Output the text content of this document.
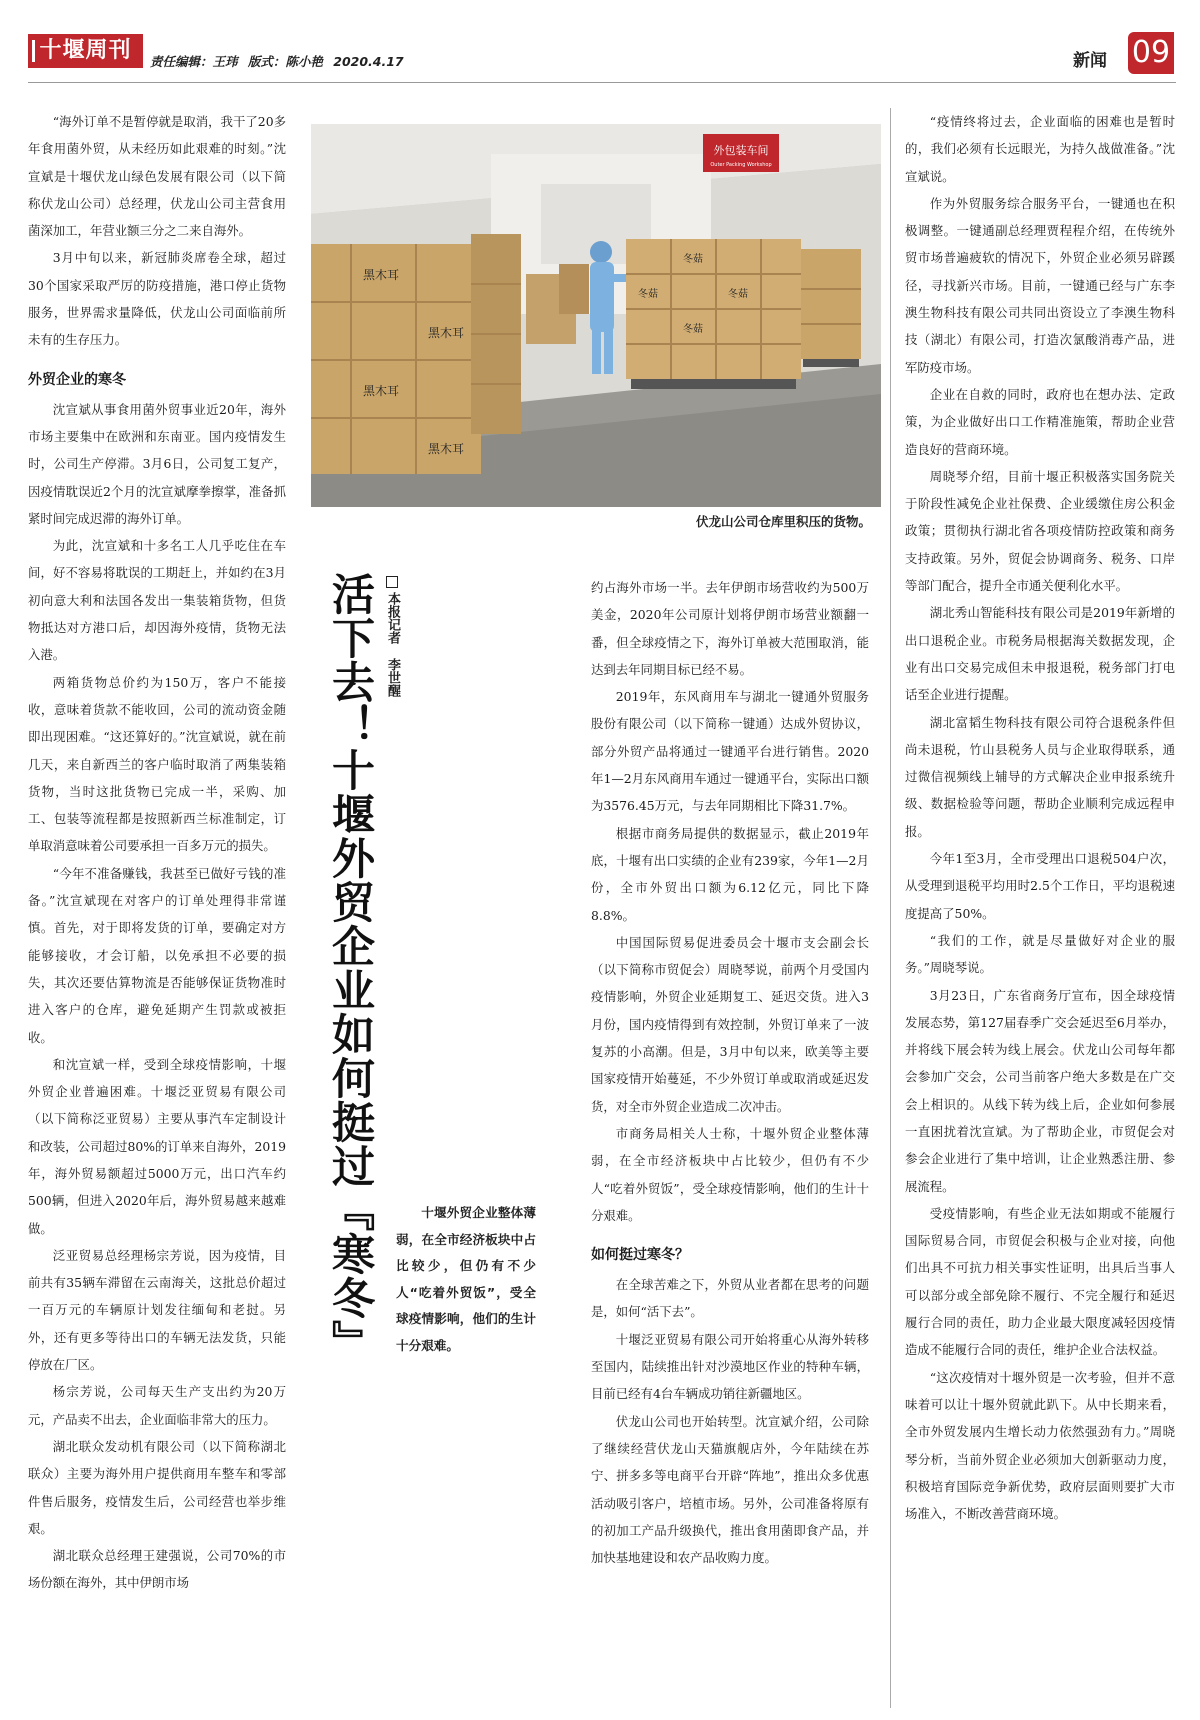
十堰周刊	责任编辑：王玮 版式：陈小艳 2020.4.17	新闻 09

“海外订单不是暂停就是取消，我干了20多年食用菌外贸，从未经历如此艰难的时刻。”沈宣斌是十堰伏龙山绿色发展有限公司（以下简称伏龙山公司）总经理，伏龙山公司主营食用菌深加工，年营业额三分之二来自海外。

3月中旬以来，新冠肺炎席卷全球，超过30个国家采取严厉的防疫措施，港口停止货物服务，世界需求量降低，伏龙山公司面临前所未有的生存压力。

外贸企业的寒冬

沈宣斌从事食用菌外贸事业近20年，海外市场主要集中在欧洲和东南亚。国内疫情发生时，公司生产停滞。3月6日，公司复工复产，因疫情耽误近2个月的沈宣斌摩拳擦掌，准备抓紧时间完成迟滞的海外订单。

为此，沈宣斌和十多名工人几乎吃住在车间，好不容易将耽误的工期赶上，并如约在3月初向意大利和法国各发出一集装箱货物，但货物抵达对方港口后，却因海外疫情，货物无法入港。

两箱货物总价约为150万，客户不能接收，意味着货款不能收回，公司的流动资金随即出现困难。“这还算好的。”沈宣斌说，就在前几天，来自新西兰的客户临时取消了两集装箱货物，当时这批货物已完成一半，采购、加工、包装等流程都是按照新西兰标准制定，订单取消意味着公司要承担一百多万元的损失。

“今年不准备赚钱，我甚至已做好亏钱的准备。”沈宣斌现在对客户的订单处理得非常谨慎。首先，对于即将发货的订单，要确定对方能够接收，才会订船，以免承担不必要的损失，其次还要估算物流是否能够保证货物准时进入客户的仓库，避免延期产生罚款或被拒收。

和沈宣斌一样，受到全球疫情影响，十堰外贸企业普遍困难。十堰泛亚贸易有限公司（以下简称泛亚贸易）主要从事汽车定制设计和改装，公司超过80%的订单来自海外，2019年，海外贸易额超过5000万元，出口汽车约500辆，但进入2020年后，海外贸易越来越难做。

泛亚贸易总经理杨宗芳说，因为疫情，目前共有35辆车滞留在云南海关，这批总价超过一百万元的车辆原计划发往缅甸和老挝。另外，还有更多等待出口的车辆无法发货，只能停放在厂区。

杨宗芳说，公司每天生产支出约为20万元，产品卖不出去，企业面临非常大的压力。

湖北联众发动机有限公司（以下简称湖北联众）主要为海外用户提供商用车整车和零部件售后服务，疫情发生后，公司经营也举步维艰。

湖北联众总经理王建强说，公司70%的市场份额在海外，其中伊朗市场

外包装车间
Outer Packing Workshop
黑木耳
黑木耳
黑木耳
黑木耳
冬菇
冬菇
冬菇
冬菇
伏龙山公司仓库里积压的货物。
活下去！十堰外贸企业如何挺过『寒冬』 本报记者李世醒

十堰外贸企业整体薄弱，在全市经济板块中占比较少，但仍有不少人“吃着外贸饭”，受全球疫情影响，他们的生计十分艰难。

约占海外市场一半。去年伊朗市场营收约为500万美金，2020年公司原计划将伊朗市场营业额翻一番，但全球疫情之下，海外订单被大范围取消，能达到去年同期目标已经不易。

2019年，东风商用车与湖北一键通外贸服务股份有限公司（以下简称一键通）达成外贸协议，部分外贸产品将通过一键通平台进行销售。2020年1—2月东风商用车通过一键通平台，实际出口额为3576.45万元，与去年同期相比下降31.7%。

根据市商务局提供的数据显示，截止2019年底，十堰有出口实绩的企业有239家，今年1—2月份，全市外贸出口额为6.12亿元，同比下降8.8%。

中国国际贸易促进委员会十堰市支会副会长（以下简称市贸促会）周晓琴说，前两个月受国内疫情影响，外贸企业延期复工、延迟交货。进入3月份，国内疫情得到有效控制，外贸订单来了一波复苏的小高潮。但是，3月中旬以来，欧美等主要国家疫情开始蔓延，不少外贸订单或取消或延迟发货，对全市外贸企业造成二次冲击。

市商务局相关人士称，十堰外贸企业整体薄弱，在全市经济板块中占比较少，但仍有不少人“吃着外贸饭”，受全球疫情影响，他们的生计十分艰难。

如何挺过寒冬？

在全球苦难之下，外贸从业者都在思考的问题是，如何“活下去”。

十堰泛亚贸易有限公司开始将重心从海外转移至国内，陆续推出针对沙漠地区作业的特种车辆，目前已经有4台车辆成功销往新疆地区。

伏龙山公司也开始转型。沈宣斌介绍，公司除了继续经营伏龙山天猫旗舰店外，今年陆续在苏宁、拼多多等电商平台开辟“阵地”，推出众多优惠活动吸引客户，培植市场。另外，公司准备将原有的初加工产品升级换代，推出食用菌即食产品，并加快基地建设和农产品收购力度。

“疫情终将过去，企业面临的困难也是暂时的，我们必须有长远眼光，为持久战做准备。”沈宣斌说。

作为外贸服务综合服务平台，一键通也在积极调整。一键通副总经理贾程程介绍，在传统外贸市场普遍疲软的情况下，外贸企业必须另辟蹊径，寻找新兴市场。目前，一键通已经与广东李澳生物科技有限公司共同出资设立了李澳生物科技（湖北）有限公司，打造次氯酸消毒产品，进军防疫市场。

企业在自救的同时，政府也在想办法、定政策，为企业做好出口工作精准施策，帮助企业营造良好的营商环境。

周晓琴介绍，目前十堰正积极落实国务院关于阶段性减免企业社保费、企业缓缴住房公积金政策；贯彻执行湖北省各项疫情防控政策和商务支持政策。另外，贸促会协调商务、税务、口岸等部门配合，提升全市通关便利化水平。

湖北秀山智能科技有限公司是2019年新增的出口退税企业。市税务局根据海关数据发现，企业有出口交易完成但未申报退税，税务部门打电话至企业进行提醒。

湖北富韬生物科技有限公司符合退税条件但尚未退税，竹山县税务人员与企业取得联系，通过微信视频线上辅导的方式解决企业申报系统升级、数据检验等问题，帮助企业顺利完成远程申报。

今年1至3月，全市受理出口退税504户次，从受理到退税平均用时2.5个工作日，平均退税速度提高了50%。

“我们的工作，就是尽量做好对企业的服务。”周晓琴说。

3月23日，广东省商务厅宣布，因全球疫情发展态势，第127届春季广交会延迟至6月举办，并将线下展会转为线上展会。伏龙山公司每年都会参加广交会，公司当前客户绝大多数是在广交会上相识的。从线下转为线上后，企业如何参展一直困扰着沈宣斌。为了帮助企业，市贸促会对参会企业进行了集中培训，让企业熟悉注册、参展流程。

受疫情影响，有些企业无法如期或不能履行国际贸易合同，市贸促会积极与企业对接，向他们出具不可抗力相关事实性证明，出具后当事人可以部分或全部免除不履行、不完全履行和延迟履行合同的责任，助力企业最大限度减轻因疫情造成不能履行合同的责任，维护企业合法权益。

“这次疫情对十堰外贸是一次考验，但并不意味着可以让十堰外贸就此趴下。从中长期来看，全市外贸发展内生增长动力依然强劲有力。”周晓琴分析，当前外贸企业必须加大创新驱动力度，积极培育国际竞争新优势，政府层面则要扩大市场准入，不断改善营商环境。
